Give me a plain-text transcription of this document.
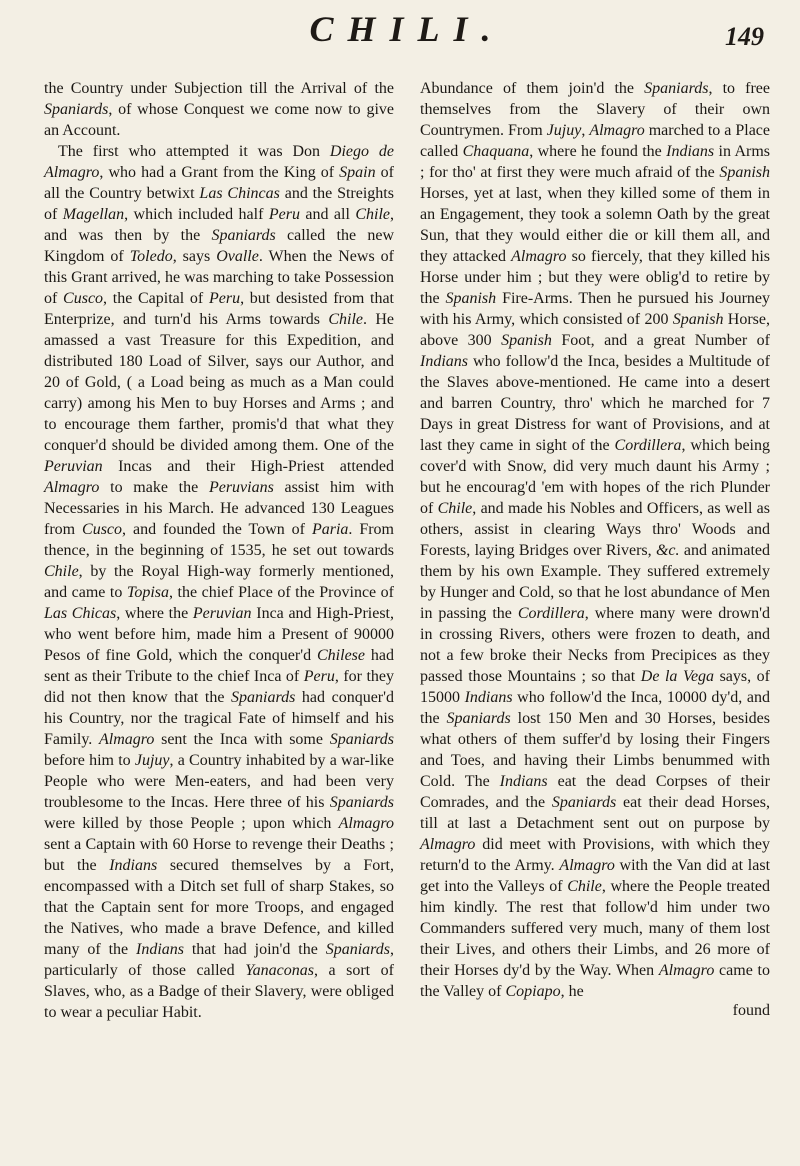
CHILI.	149

the Country under Subjection till the Arrival of the Spaniards, of whose Conquest we come now to give an Account.

The first who attempted it was Don Diego de Almagro, who had a Grant from the King of Spain of all the Country betwixt Las Chincas and the Streights of Magellan, which included half Peru and all Chile, and was then by the Spaniards called the new Kingdom of Toledo, says Ovalle. When the News of this Grant arrived, he was marching to take Possession of Cusco, the Capital of Peru, but desisted from that Enterprize, and turn'd his Arms towards Chile. He amassed a vast Treasure for this Expedition, and distributed 180 Load of Silver, says our Author, and 20 of Gold, ( a Load being as much as a Man could carry) among his Men to buy Horses and Arms ; and to encourage them farther, promis'd that what they conquer'd should be divided among them. One of the Peruvian Incas and their High-Priest attended Almagro to make the Peruvians assist him with Necessaries in his March. He advanced 130 Leagues from Cusco, and founded the Town of Paria. From thence, in the beginning of 1535, he set out towards Chile, by the Royal High-way formerly mentioned, and came to Topisa, the chief Place of the Province of Las Chicas, where the Peruvian Inca and High-Priest, who went before him, made him a Present of 90000 Pesos of fine Gold, which the conquer'd Chilese had sent as their Tribute to the chief Inca of Peru, for they did not then know that the Spaniards had conquer'd his Country, nor the tragical Fate of himself and his Family. Almagro sent the Inca with some Spaniards before him to Jujuy, a Country inhabited by a war-like People who were Men-eaters, and had been very troublesome to the Incas. Here three of his Spaniards were killed by those People ; upon which Almagro sent a Captain with 60 Horse to revenge their Deaths ; but the Indians secured themselves by a Fort, encompassed with a Ditch set full of sharp Stakes, so that the Captain sent for more Troops, and engaged the Natives, who made a brave Defence, and killed many of the Indians that had join'd the Spaniards, particularly of those called Yanaconas, a sort of Slaves, who, as a Badge of their Slavery, were obliged to wear a peculiar Habit.

Abundance of them join'd the Spaniards, to free themselves from the Slavery of their own Countrymen. From Jujuy, Almagro marched to a Place called Chaquana, where he found the Indians in Arms ; for tho' at first they were much afraid of the Spanish Horses, yet at last, when they killed some of them in an Engagement, they took a solemn Oath by the great Sun, that they would either die or kill them all, and they attacked Almagro so fiercely, that they killed his Horse under him ; but they were oblig'd to retire by the Spanish Fire-Arms. Then he pursued his Journey with his Army, which consisted of 200 Spanish Horse, above 300 Spanish Foot, and a great Number of Indians who follow'd the Inca, besides a Multitude of the Slaves above-mentioned. He came into a desert and barren Country, thro' which he marched for 7 Days in great Distress for want of Provisions, and at last they came in sight of the Cordillera, which being cover'd with Snow, did very much daunt his Army ; but he encourag'd 'em with hopes of the rich Plunder of Chile, and made his Nobles and Officers, as well as others, assist in clearing Ways thro' Woods and Forests, laying Bridges over Rivers, &c. and animated them by his own Example. They suffered extremely by Hunger and Cold, so that he lost abundance of Men in passing the Cordillera, where many were drown'd in crossing Rivers, others were frozen to death, and not a few broke their Necks from Precipices as they passed those Mountains ; so that De la Vega says, of 15000 Indians who follow'd the Inca, 10000 dy'd, and the Spaniards lost 150 Men and 30 Horses, besides what others of them suffer'd by losing their Fingers and Toes, and having their Limbs benummed with Cold. The Indians eat the dead Corpses of their Comrades, and the Spaniards eat their dead Horses, till at last a Detachment sent out on purpose by Almagro did meet with Provisions, with which they return'd to the Army. Almagro with the Van did at last get into the Valleys of Chile, where the People treated him kindly. The rest that follow'd him under two Commanders suffered very much, many of them lost their Lives, and others their Limbs, and 26 more of their Horses dy'd by the Way. When Almagro came to the Valley of Copiapo, he

found
